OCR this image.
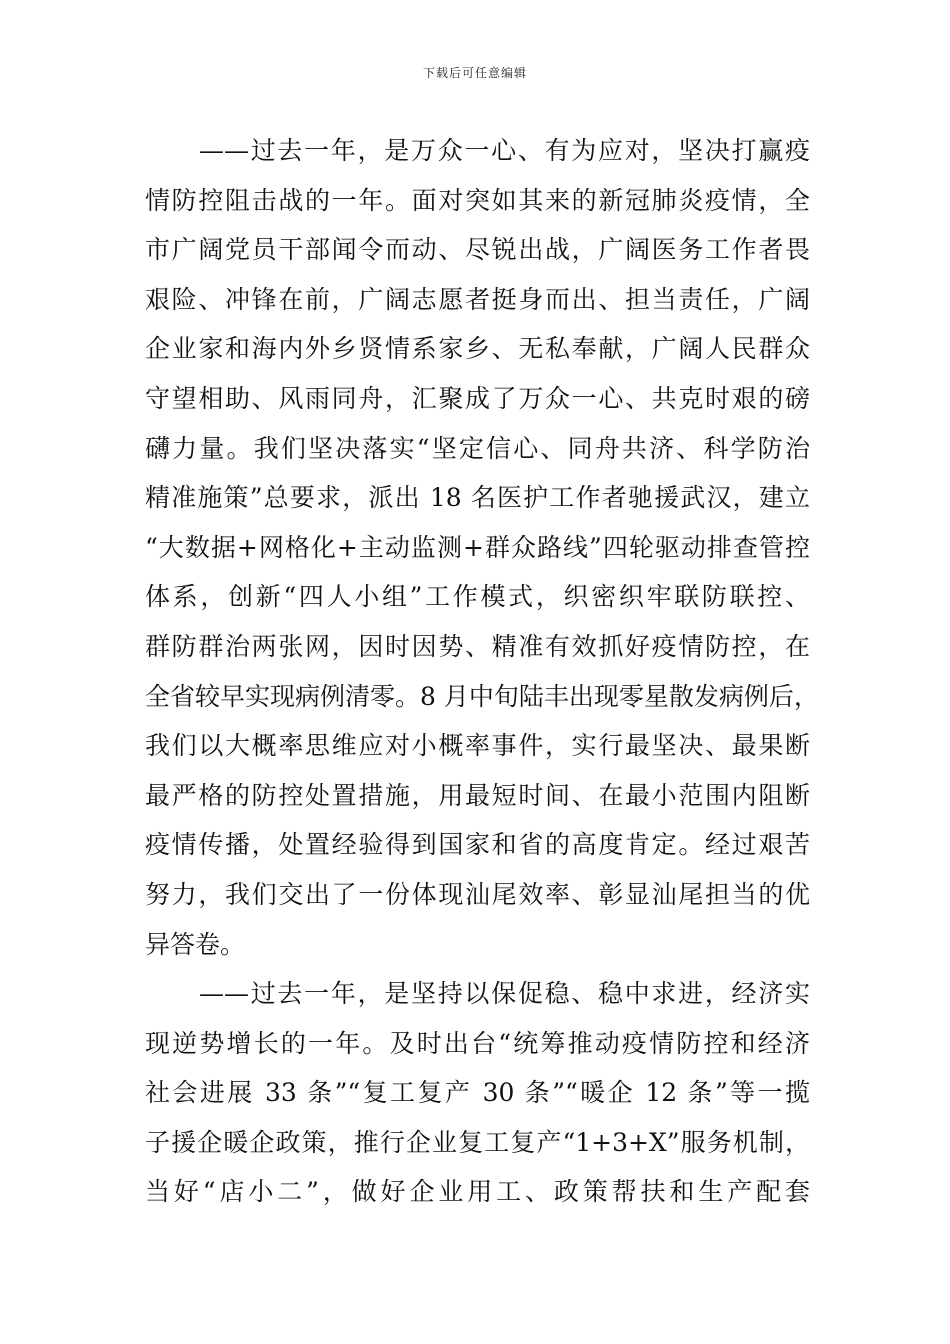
下载后可任意编辑
——过去一年，是万众一心、有为应对，坚决打赢疫
情防控阻击战的一年。面对突如其来的新冠肺炎疫情，全
市广阔党员干部闻令而动、尽锐出战，广阔医务工作者畏
艰险、冲锋在前，广阔志愿者挺身而出、担当责任，广阔
企业家和海内外乡贤情系家乡、无私奉献，广阔人民群众
守望相助、风雨同舟，汇聚成了万众一心、共克时艰的磅
礴力量。我们坚决落实“坚定信心、同舟共济、科学防治
精准施策”总要求，派出 18 名医护工作者驰援武汉，建立
“大数据+网格化+主动监测+群众路线”四轮驱动排查管控
体系，创新“四人小组”工作模式，织密织牢联防联控、
群防群治两张网，因时因势、精准有效抓好疫情防控，在
全省较早实现病例清零。8 月中旬陆丰出现零星散发病例后，
我们以大概率思维应对小概率事件，实行最坚决、最果断
最严格的防控处置措施，用最短时间、在最小范围内阻断
疫情传播，处置经验得到国家和省的高度肯定。经过艰苦
努力，我们交出了一份体现汕尾效率、彰显汕尾担当的优
异答卷。
——过去一年，是坚持以保促稳、稳中求进，经济实
现逆势增长的一年。及时出台“统筹推动疫情防控和经济
社会进展 33 条”“复工复产 30 条”“暖企 12 条”等一揽
子援企暖企政策，推行企业复工复产“1+3+X”服务机制，
当好“店小二”，做好企业用工、政策帮扶和生产配套
